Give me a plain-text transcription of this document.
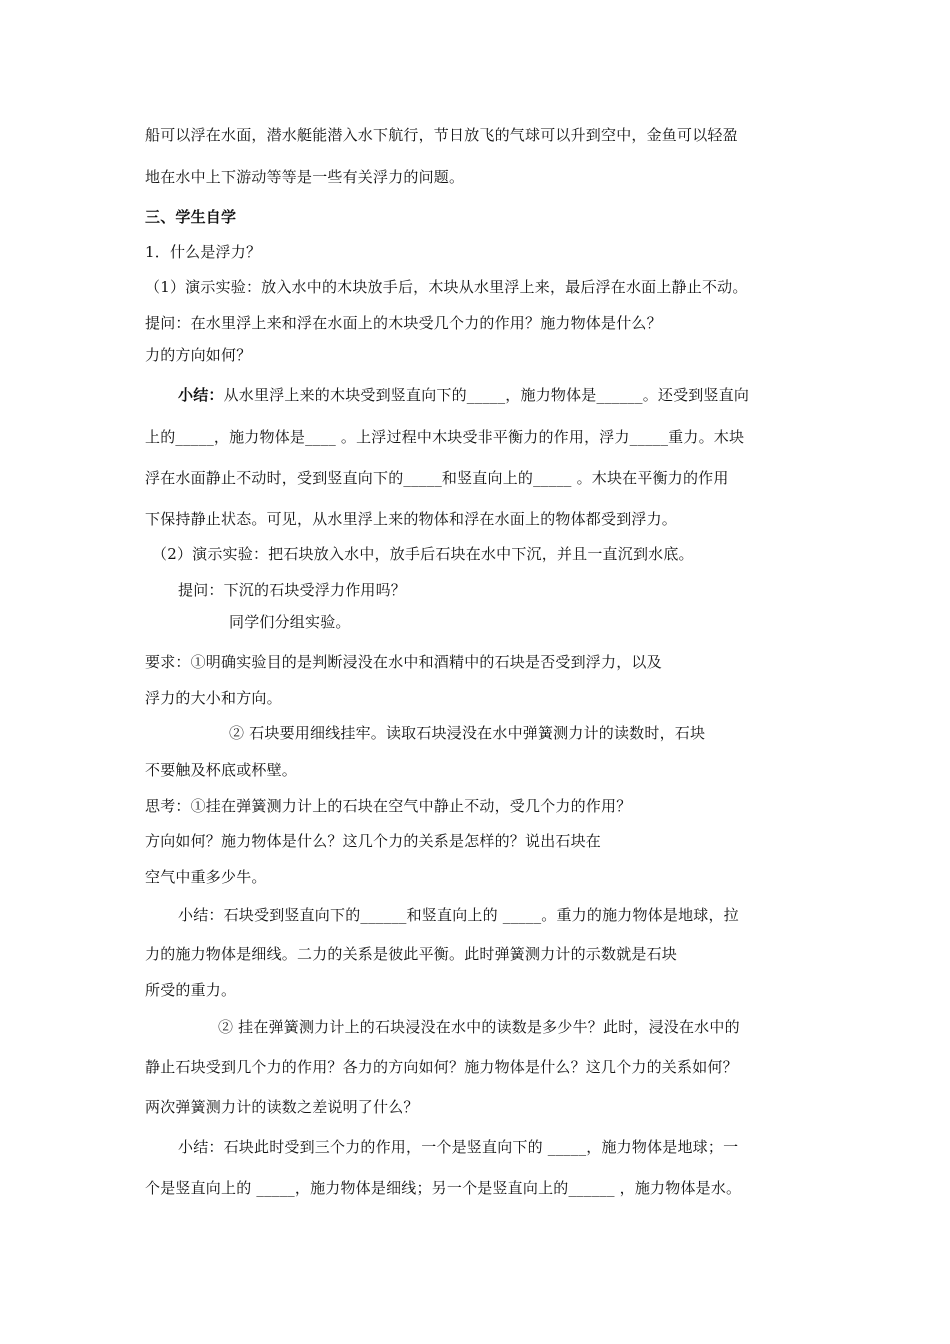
船可以浮在水面，潜水艇能潜入水下航行，节日放飞的气球可以升到空中，金鱼可以轻盈
地在水中上下游动等等是一些有关浮力的问题。
三、学生自学
1．什么是浮力？
（1）演示实验：放入水中的木块放手后，木块从水里浮上来，最后浮在水面上静止不动。
提问：在水里浮上来和浮在水面上的木块受几个力的作用？施力物体是什么？
力的方向如何？
小结：从水里浮上来的木块受到竖直向下的_____，施力物体是______。还受到竖直向
上的_____，施力物体是____ 。上浮过程中木块受非平衡力的作用，浮力_____重力。木块
浮在水面静止不动时，受到竖直向下的_____和竖直向上的_____ 。木块在平衡力的作用
下保持静止状态。可见，从水里浮上来的物体和浮在水面上的物体都受到浮力。
（2）演示实验：把石块放入水中，放手后石块在水中下沉，并且一直沉到水底。
提问：下沉的石块受浮力作用吗？
同学们分组实验。
要求：①明确实验目的是判断浸没在水中和酒精中的石块是否受到浮力，以及
浮力的大小和方向。
② 石块要用细线挂牢。读取石块浸没在水中弹簧测力计的读数时，石块
不要触及杯底或杯壁。
思考：①挂在弹簧测力计上的石块在空气中静止不动，受几个力的作用？
方向如何？施力物体是什么？这几个力的关系是怎样的？说出石块在
空气中重多少牛。
小结：石块受到竖直向下的______和竖直向上的 _____。重力的施力物体是地球，拉
力的施力物体是细线。二力的关系是彼此平衡。此时弹簧测力计的示数就是石块
所受的重力。
② 挂在弹簧测力计上的石块浸没在水中的读数是多少牛？此时，浸没在水中的
静止石块受到几个力的作用？各力的方向如何？施力物体是什么？这几个力的关系如何？
两次弹簧测力计的读数之差说明了什么？
小结：石块此时受到三个力的作用，一个是竖直向下的 _____，施力物体是地球；一
个是竖直向上的 _____，施力物体是细线；另一个是竖直向上的______ ，施力物体是水。
